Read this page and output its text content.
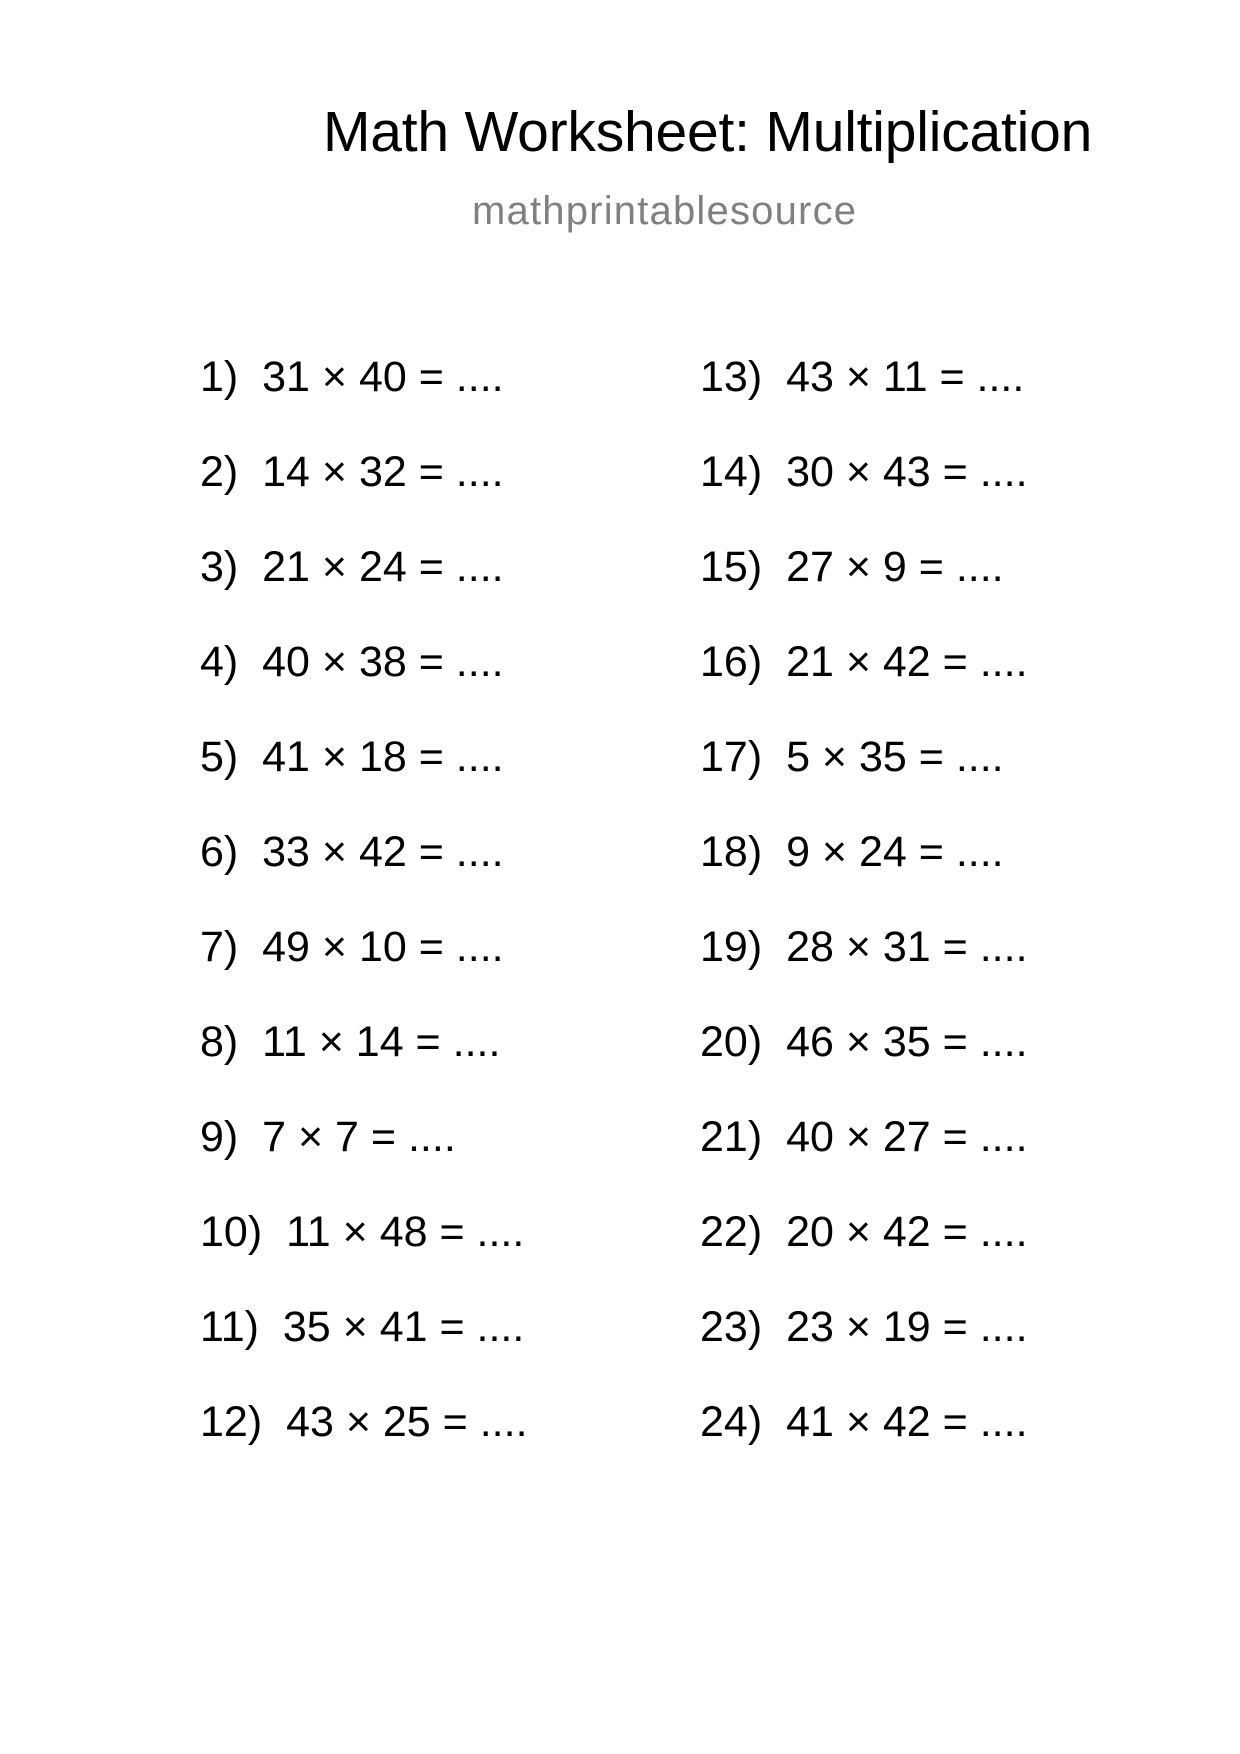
Math Worksheet: Multiplication
mathprintablesource
1) 31 × 40 = ....
2) 14 × 32 = ....
3) 21 × 24 = ....
4) 40 × 38 = ....
5) 41 × 18 = ....
6) 33 × 42 = ....
7) 49 × 10 = ....
8) 11 × 14 = ....
9) 7 × 7 = ....
10) 11 × 48 = ....
11) 35 × 41 = ....
12) 43 × 25 = ....
13) 43 × 11 = ....
14) 30 × 43 = ....
15) 27 × 9 = ....
16) 21 × 42 = ....
17) 5 × 35 = ....
18) 9 × 24 = ....
19) 28 × 31 = ....
20) 46 × 35 = ....
21) 40 × 27 = ....
22) 20 × 42 = ....
23) 23 × 19 = ....
24) 41 × 42 = ....
